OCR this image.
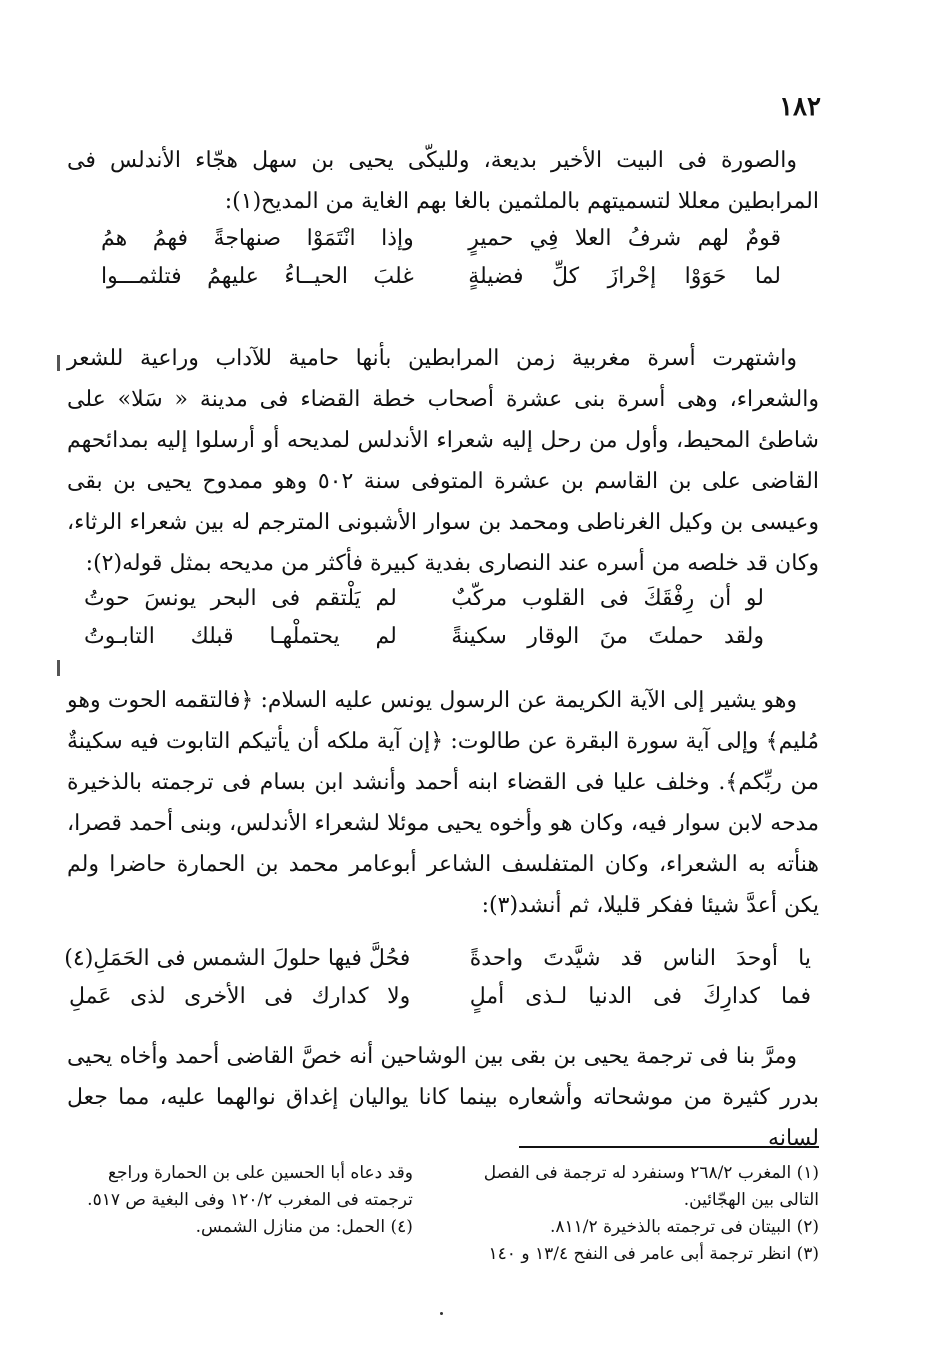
١٨٢

والصورة فى البيت الأخير بديعة، ولليكّى يحيى بن سهل هجّاء الأندلس فى المرابطين معللا لتسميتهم بالملثمين بالغا بهم الغاية من المديح(١):

قومٌ لهم شرفُ العلا فِي حميرٍ
وإذا انْتَمَوْا صنهاجةً فهمُ همُ
لما حَوَوْا إحْرازَ كلِّ فضيلةٍ
غلبَ الحيــاءُ عليهمُ فتلثمـــوا

واشتهرت أسرة مغربية زمن المرابطين بأنها حامية للآداب وراعية للشعر والشعراء، وهى أسرة بنى عشرة أصحاب خطة القضاء فى مدينة « سَلا» على شاطئ المحيط، وأول من رحل إليه شعراء الأندلس لمديحه أو أرسلوا إليه بمدائحهم القاضى على بن القاسم بن عشرة المتوفى سنة ٥٠٢ وهو ممدوح يحيى بن بقى وعيسى بن وكيل الغرناطى ومحمد بن سوار الأشبونى المترجم له بين شعراء الرثاء، وكان قد خلصه من أسره عند النصارى بفدية كبيرة فأكثر من مديحه بمثل قوله(٢):

لو أن رِفْقَكَ فى القلوب مركّبٌ
لم يَلْتقم فى البحر يونسَ حوتُ
ولقد حملتَ منَ الوقار سكينةً
لم يحتملْهـا قبلك التابـوتُ

وهو يشير إلى الآية الكريمة عن الرسول يونس عليه السلام: ﴿فالتقمه الحوت وهو مُليم﴾ وإلى آية سورة البقرة عن طالوت: ﴿إن آية ملكه أن يأتيكم التابوت فيه سكينةٌ من ربِّكم﴾. وخلف عليا فى القضاء ابنه أحمد وأنشد ابن بسام فى ترجمته بالذخيرة مدحه لابن سوار فيه، وكان هو وأخوه يحيى موئلا لشعراء الأندلس، وبنى أحمد قصرا، هنأته به الشعراء، وكان المتفلسف الشاعر أبوعامر محمد بن الحمارة حاضرا ولم يكن أعدَّ شيئا ففكر قليلا، ثم أنشد(٣):

يا أوحدَ الناس قد شيَّدتَ واحدةً
فحُلَّ فيها حلولَ الشمس فى الحَمَلِ(٤)
فما كدارِكَ فى الدنيا لـذى أملٍ
ولا كدارك فى الأخرى لذى عَملِ

ومرَّ بنا فى ترجمة يحيى بن بقى بين الوشاحين أنه خصَّ القاضى أحمد وأخاه يحيى بدرر كثيرة من موشحاته وأشعاره بينما كانا يواليان إغداق نوالهما عليه، مما جعل لسانه

(١) المغرب ٢٦٨/٢ وسنفرد له ترجمة فى الفصل التالى بين الهجّائين.
(٢) البيتان فى ترجمته بالذخيرة ٨١١/٢.
(٣) انظر ترجمة أبى عامر فى النفح ١٣/٤ و ١٤٠
وقد دعاه أبا الحسين على بن الحمارة وراجع ترجمته فى المغرب ١٢٠/٢ وفى البغية ص ٥١٧.
(٤) الحمل: من منازل الشمس.
